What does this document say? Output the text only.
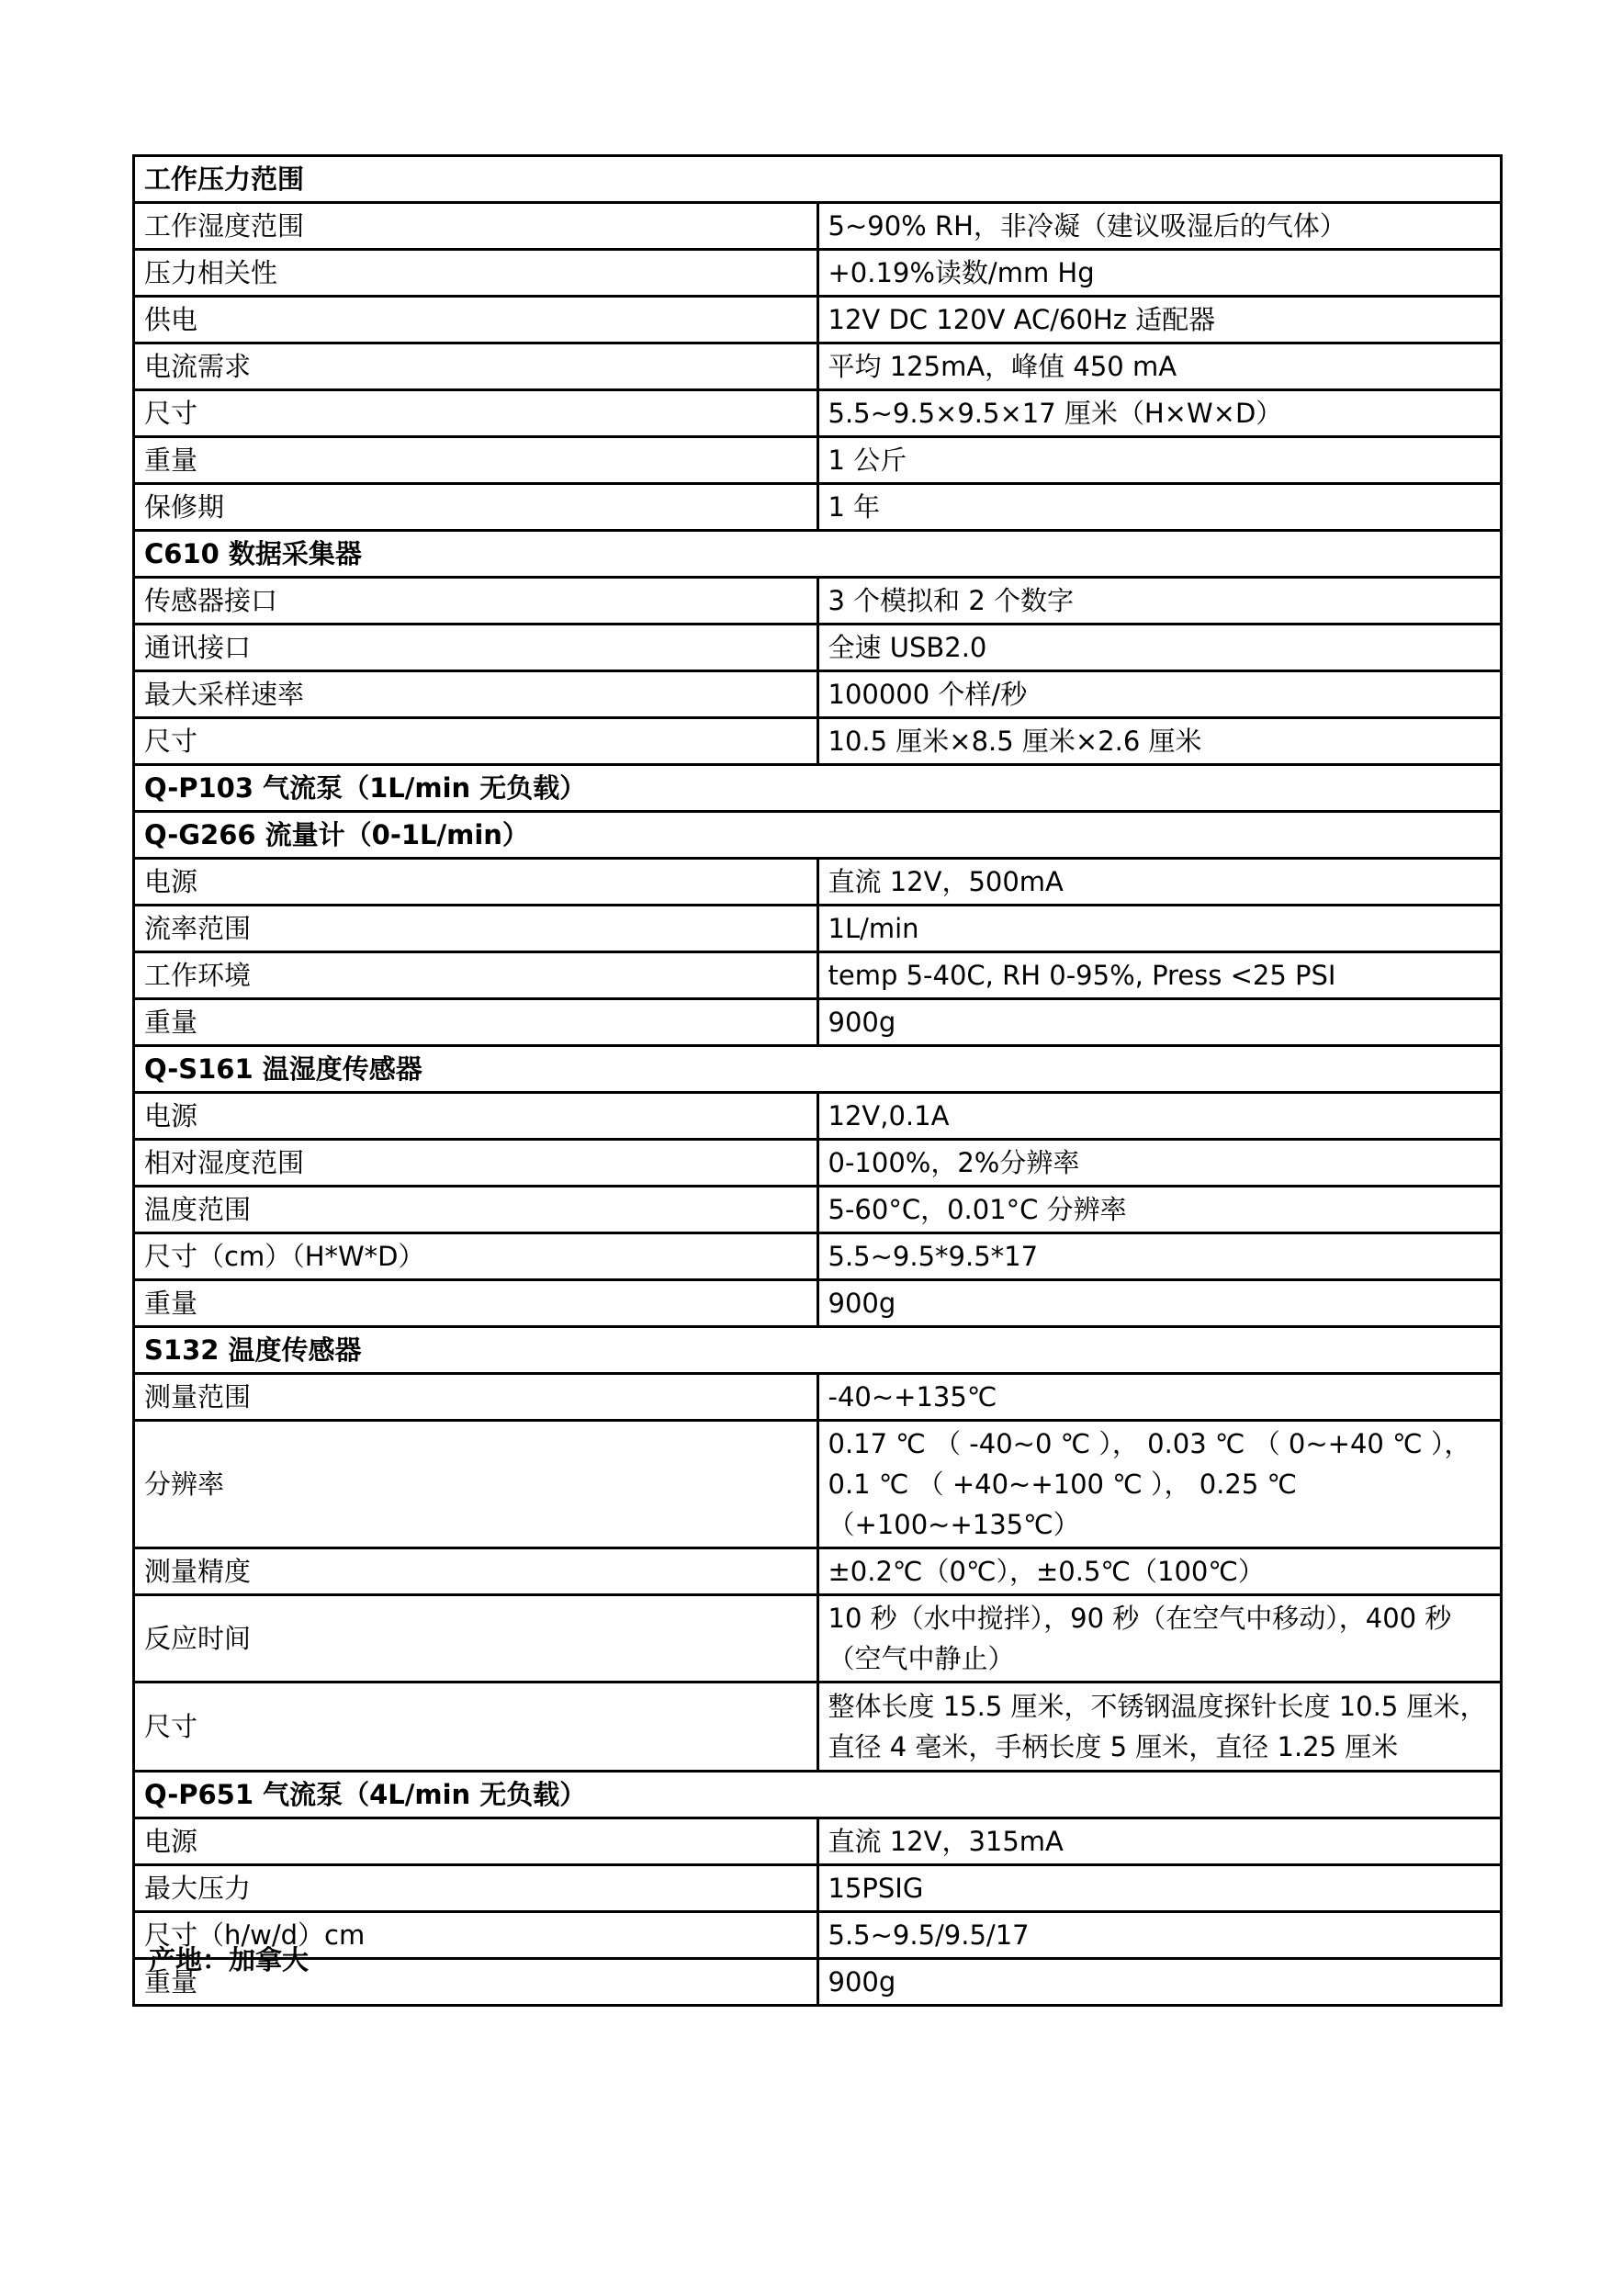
工作压力范围	
工作湿度范围	5~90% RH，非冷凝（建议吸湿后的气体）
压力相关性	+0.19%读数/mm Hg
供电	12V DC 120V AC/60Hz 适配器
电流需求	平均 125mA，峰值 450 mA
尺寸	5.5~9.5×9.5×17 厘米（H×W×D）
重量	1 公斤
保修期	1 年
C610 数据采集器	
传感器接口	3 个模拟和 2 个数字
通讯接口	全速 USB2.0
最大采样速率	100000 个样/秒
尺寸	10.5 厘米×8.5 厘米×2.6 厘米
Q-P103 气流泵（1L/min 无负载）	
Q-G266 流量计（0-1L/min）	
电源	直流 12V，500mA
流率范围	1L/min
工作环境	temp 5-40C, RH 0-95%, Press <25 PSI
重量	900g
Q-S161 温湿度传感器	
电源	12V,0.1A
相对湿度范围	0-100%，2%分辨率
温度范围	5-60°C，0.01°C 分辨率
尺寸（cm）（H*W*D）	5.5~9.5*9.5*17
重量	900g
S132 温度传感器	
测量范围	-40~+135℃
分辨率	0.17 ℃ （ -40~0 ℃ ）， 0.03 ℃ （ 0~+40 ℃ ）， 0.1 ℃ （ +40~+100 ℃ ）， 0.25 ℃ （+100~+135℃）
测量精度	±0.2℃（0℃），±0.5℃（100℃）
反应时间	10 秒（水中搅拌），90 秒（在空气中移动），400 秒（空气中静止）
尺寸	整体长度 15.5 厘米，不锈钢温度探针长度 10.5 厘米，直径 4 毫米，手柄长度 5 厘米，直径 1.25 厘米
Q-P651 气流泵（4L/min 无负载）	
电源	直流 12V，315mA
最大压力	15PSIG
尺寸（h/w/d）cm	5.5~9.5/9.5/17
重量	900g
产地：加拿大
